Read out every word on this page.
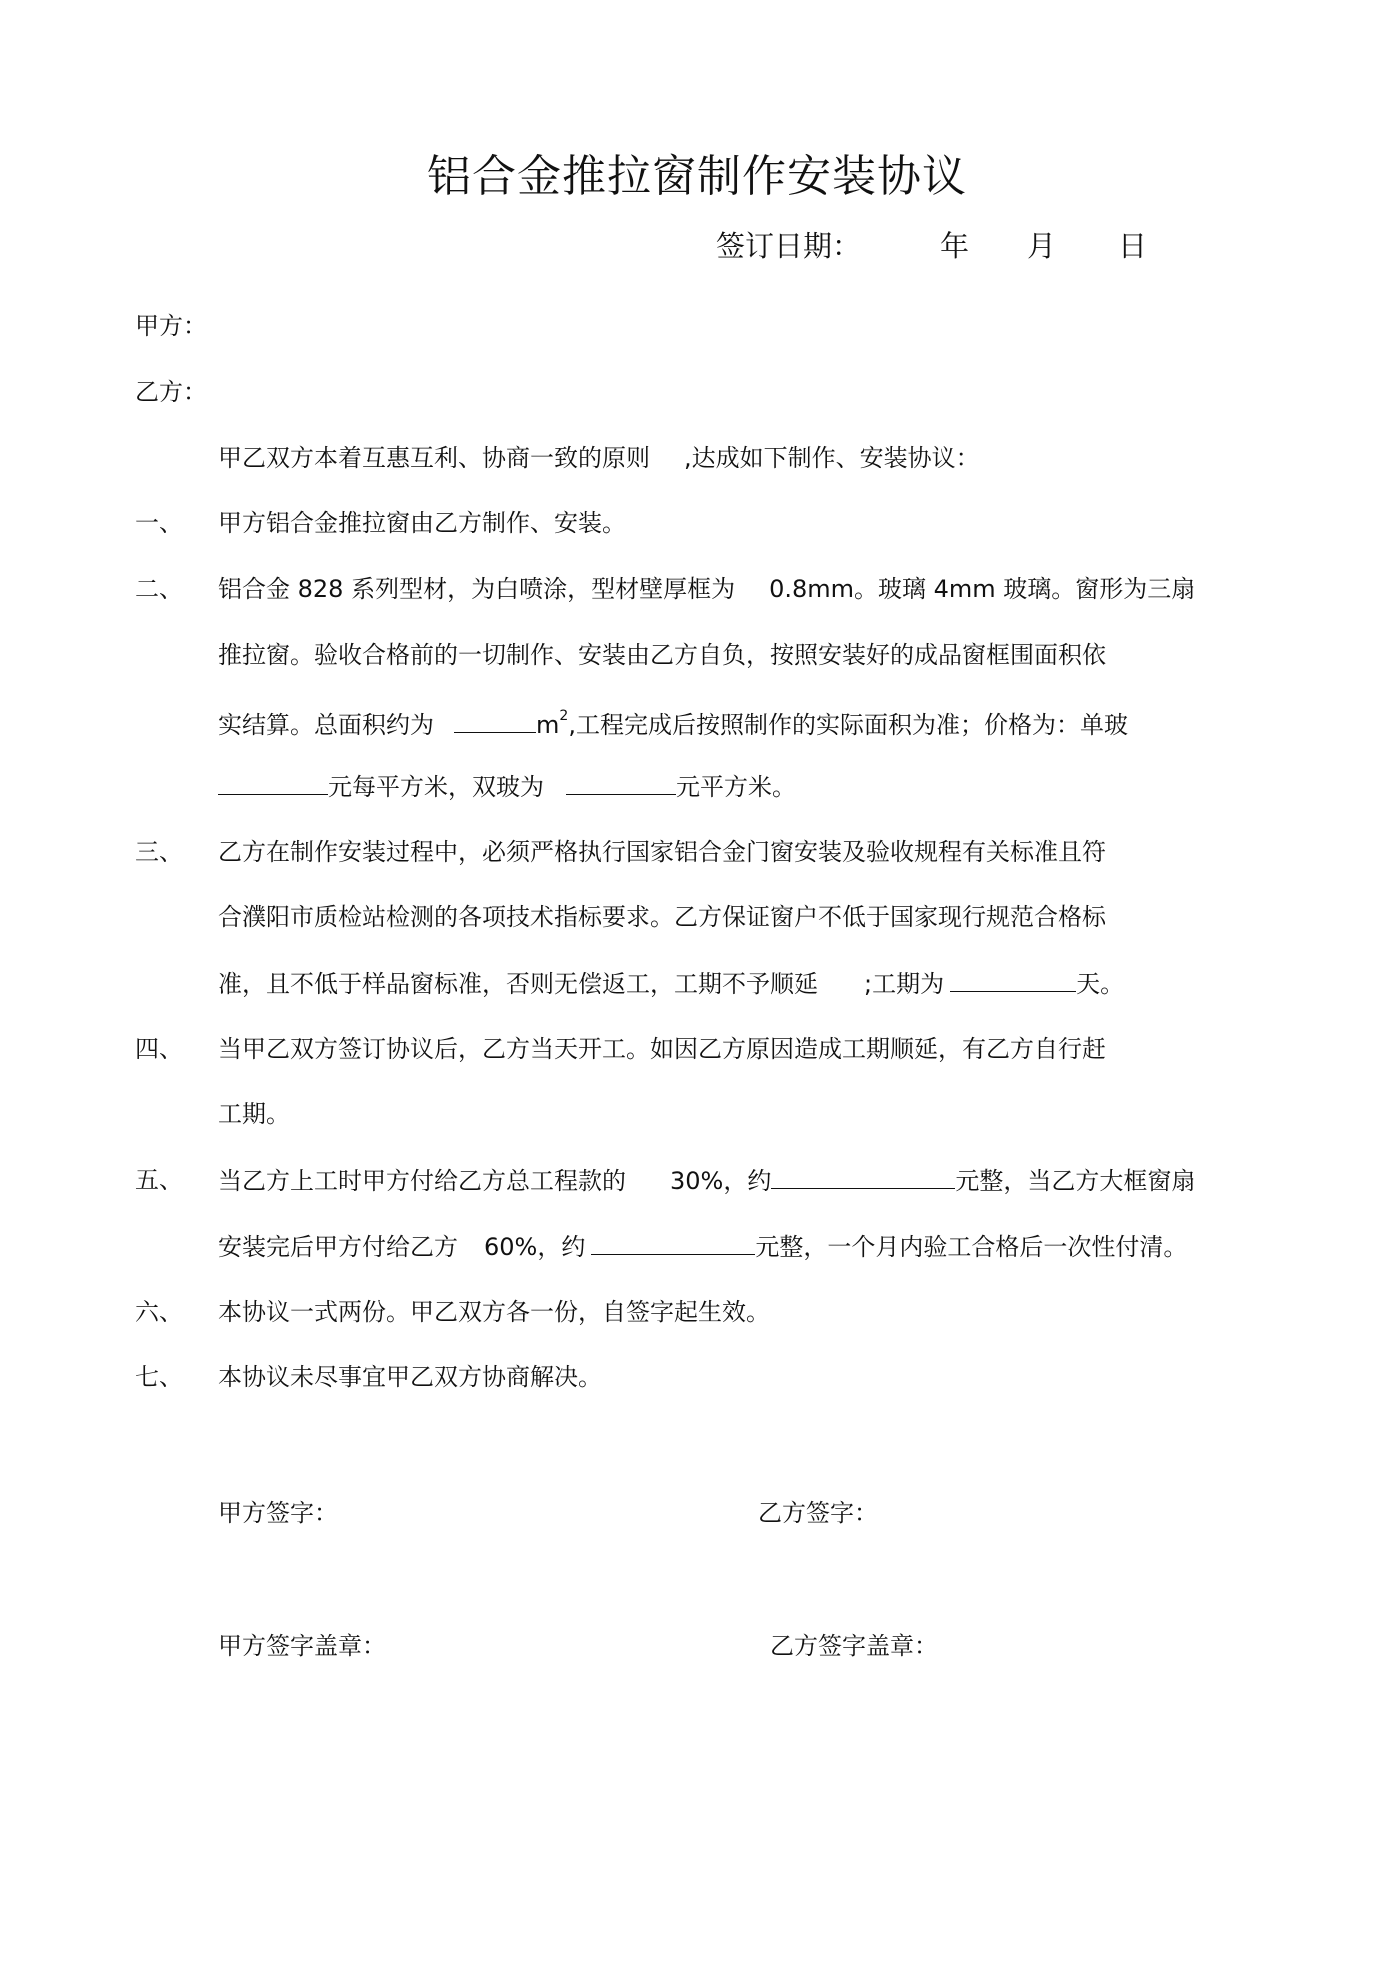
铝合金推拉窗制作安装协议
签订日期：	年 月 日
甲方：
乙方：
甲乙双方本着互惠互利、协商一致的原则 ,达成如下制作、安装协议：
一、 甲方铝合金推拉窗由乙方制作、安装。
二、 铝合金 828 系列型材，为白喷涂，型材壁厚框为 0.8mm。玻璃 4mm 玻璃。窗形为三扇
推拉窗。验收合格前的一切制作、安装由乙方自负，按照安装好的成品窗框围面积依
实结算。总面积约为	$m^2$,工程完成后按照制作的实际面积为准；价格为：单玻
元每平方米，双玻为	元平方米。
三、 乙方在制作安装过程中，必须严格执行国家铝合金门窗安装及验收规程有关标准且符
合濮阳市质检站检测的各项技术指标要求。乙方保证窗户不低于国家现行规范合格标
准，且不低于样品窗标准，否则无偿返工，工期不予顺延 ;工期为	天。
四、 当甲乙双方签订协议后，乙方当天开工。如因乙方原因造成工期顺延，有乙方自行赶
工期。
五、 当乙方上工时甲方付给乙方总工程款的 30%，约	元整，当乙方大框窗扇
安装完后甲方付给乙方 60%，约	元整，一个月内验工合格后一次性付清。
六、 本协议一式两份。甲乙双方各一份，自签字起生效。
七、 本协议未尽事宜甲乙双方协商解决。
甲方签字：	乙方签字：
甲方签字盖章：	乙方签字盖章：
